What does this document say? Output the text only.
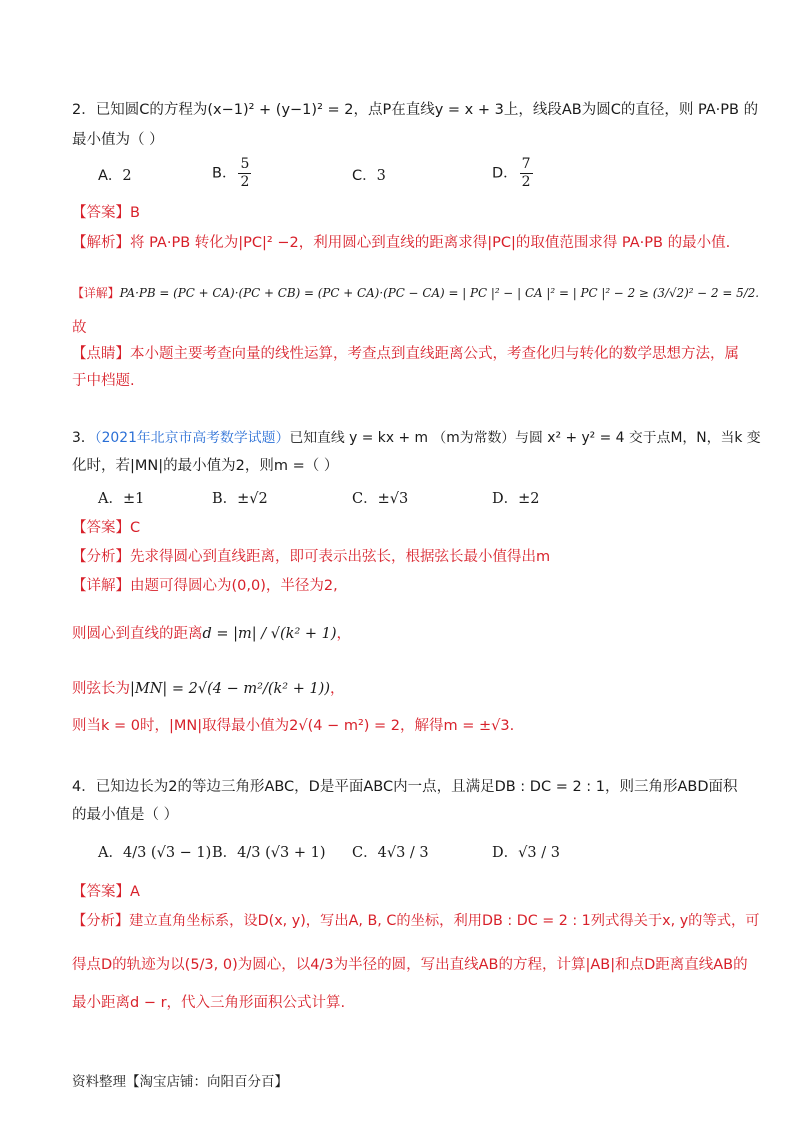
2．已知圆C的方程为(x−1)² + (y−1)² = 2，点P在直线y = x + 3上，线段AB为圆C的直径，则 PA·PB 的
最小值为（ ）
A．2	B． $\frac{5}{2}$	C．3	D． $\frac{7}{2}$
【答案】B
【解析】将 PA·PB 转化为|PC|² −2，利用圆心到直线的距离求得|PC|的取值范围求得 PA·PB 的最小值.
【详解】PA·PB = (PC + CA)·(PC + CB) = (PC + CA)·(PC − CA) = | PC |² − | CA |² = | PC |² − 2 ≥ (3/√2)² − 2 = 5/2.
故
【点睛】本小题主要考查向量的线性运算，考查点到直线距离公式，考查化归与转化的数学思想方法，属
于中档题.
3．（2021年北京市高考数学试题）已知直线 y = kx + m （m为常数）与圆 x² + y² = 4 交于点M，N，当k 变
化时，若|MN|的最小值为2，则m =（ ）
A．±1	B．±√2	C．±√3	D．±2
【答案】C
【分析】先求得圆心到直线距离，即可表示出弦长，根据弦长最小值得出m
【详解】由题可得圆心为(0,0)，半径为2,
则圆心到直线的距离d = |m| / √(k² + 1)，
则弦长为|MN| = 2√(4 − m²/(k² + 1))，
则当k = 0时，|MN|取得最小值为2√(4 − m²) = 2，解得m = ±√3.
4．已知边长为2的等边三角形ABC，D是平面ABC内一点，且满足DB : DC = 2 : 1，则三角形ABD面积
的最小值是（ ）
A．4/3 (√3 − 1) B．4/3 (√3 + 1) C．4√3 / 3	D．√3 / 3
【答案】A
【分析】建立直角坐标系，设D(x, y)，写出A, B, C的坐标，利用DB : DC = 2 : 1列式得关于x, y的等式，可
得点D的轨迹为以(5/3, 0)为圆心，以4/3为半径的圆，写出直线AB的方程，计算|AB|和点D距离直线AB的
最小距离d − r，代入三角形面积公式计算.
资料整理【淘宝店铺：向阳百分百】
